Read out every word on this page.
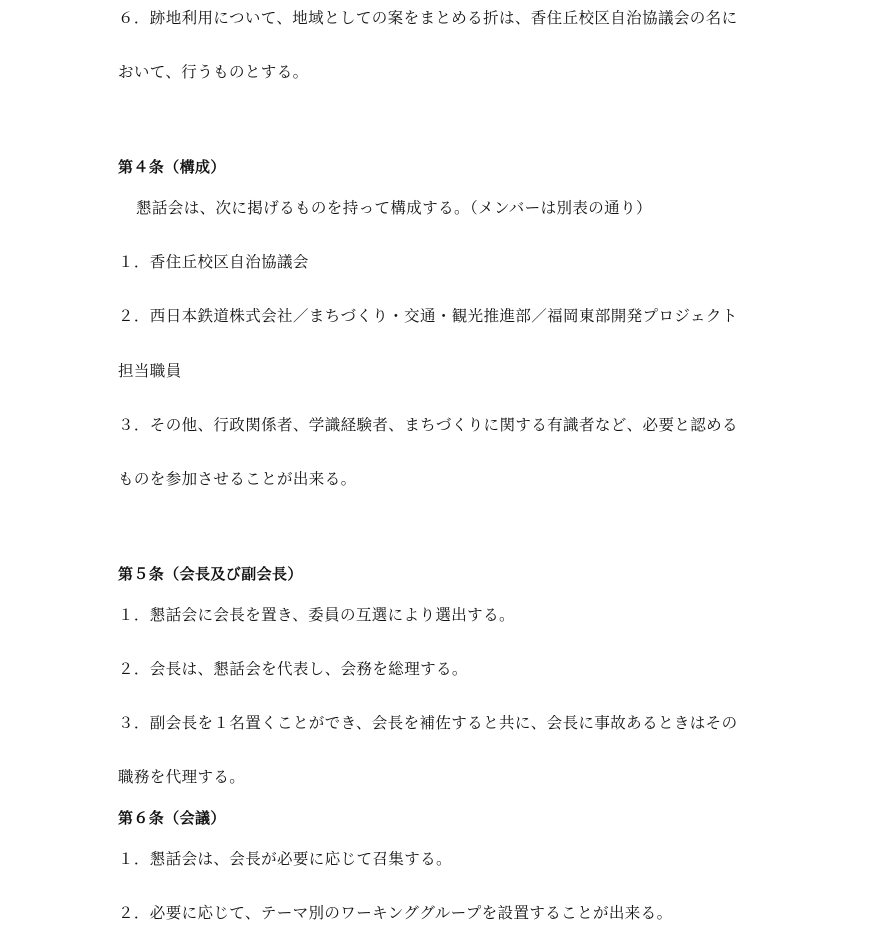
６．跡地利用について、地域としての案をまとめる折は、香住丘校区自治協議会の名に
おいて、行うものとする。
第４条（構成）
懇話会は、次に掲げるものを持って構成する。（メンバーは別表の通り）
１．香住丘校区自治協議会
２．西日本鉄道株式会社／まちづくり・交通・観光推進部／福岡東部開発プロジェクト
担当職員
３．その他、行政関係者、学識経験者、まちづくりに関する有識者など、必要と認める
ものを参加させることが出来る。
第５条（会長及び副会長）
１．懇話会に会長を置き、委員の互選により選出する。
２．会長は、懇話会を代表し、会務を総理する。
３．副会長を１名置くことができ、会長を補佐すると共に、会長に事故あるときはその
職務を代理する。
第６条（会議）
１．懇話会は、会長が必要に応じて召集する。
２．必要に応じて、テーマ別のワーキンググループを設置することが出来る。
